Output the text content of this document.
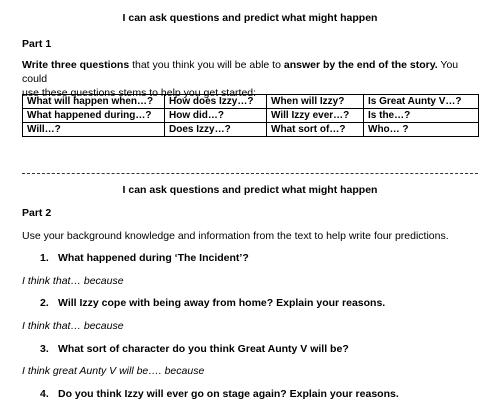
I can ask questions and predict what might happen
Part 1
Write three questions that you think you will be able to answer by the end of the story. You could
use these questions stems to help you get started:
What will happen when…?	How does Izzy…?	When will Izzy?	Is Great Aunty V…?
What happened during…?	How did…?	Will Izzy ever…?	Is the…?
Will…?	Does Izzy…?	What sort of…?	Who… ?
I can ask questions and predict what might happen
Part 2
Use your background knowledge and information from the text to help write four predictions.
1. What happened during ‘The Incident’?
I think that… because
2. Will Izzy cope with being away from home? Explain your reasons.
I think that… because
3. What sort of character do you think Great Aunty V will be?
I think great Aunty V will be…. because
4. Do you think Izzy will ever go on stage again? Explain your reasons.
